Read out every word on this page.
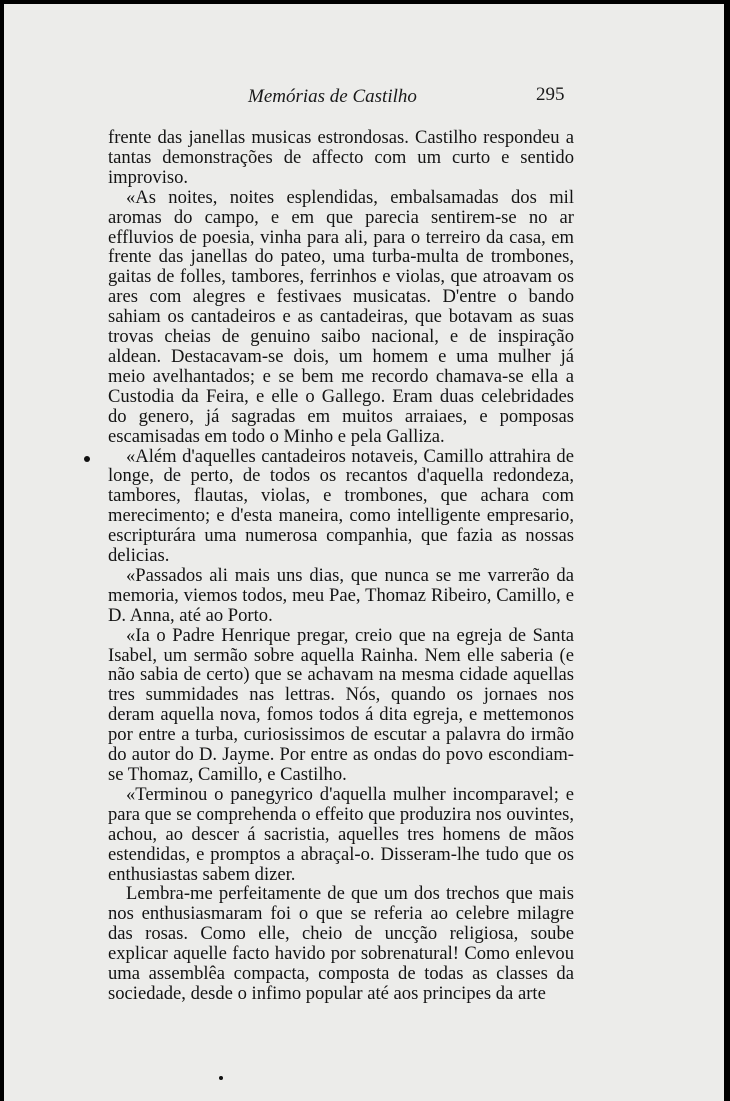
Memórias de Castilho	295

frente das janellas musicas estrondosas. Castilho respondeu a tantas demonstrações de affecto com um curto e sentido improviso.

«As noites, noites esplendidas, embalsamadas dos mil aromas do campo, e em que parecia sentirem-se no ar effluvios de poesia, vinha para ali, para o terreiro da casa, em frente das janellas do pateo, uma turba-multa de trombones, gaitas de folles, tambores, ferrinhos e violas, que atroavam os ares com alegres e festivaes musicatas. D'entre o bando sahiam os cantadeiros e as cantadeiras, que botavam as suas trovas cheias de genuino saibo nacional, e de inspiração aldean. Destacavam-se dois, um homem e uma mulher já meio avelhantados; e se bem me recordo chamava-se ella a Custodia da Feira, e elle o Gallego. Eram duas celebridades do genero, já sagradas em muitos arraiaes, e pomposas escamisadas em todo o Minho e pela Galliza.

«Além d'aquelles cantadeiros notaveis, Camillo attrahira de longe, de perto, de todos os recantos d'aquella redondeza, tambores, flautas, violas, e trombones, que achara com merecimento; e d'esta maneira, como intelligente empresario, escripturára uma numerosa companhia, que fazia as nossas delicias.

«Passados ali mais uns dias, que nunca se me varrerão da memoria, viemos todos, meu Pae, Thomaz Ribeiro, Camillo, e D. Anna, até ao Porto.

«Ia o Padre Henrique pregar, creio que na egreja de Santa Isabel, um sermão sobre aquella Rainha. Nem elle saberia (e não sabia de certo) que se achavam na mesma cidade aquellas tres summidades nas lettras. Nós, quando os jornaes nos deram aquella nova, fomos todos á dita egreja, e mettemonos por entre a turba, curiosissimos de escutar a palavra do irmão do autor do D. Jayme. Por entre as ondas do povo escondiam-se Thomaz, Camillo, e Castilho.

«Terminou o panegyrico d'aquella mulher incomparavel; e para que se comprehenda o effeito que produzira nos ouvintes, achou, ao descer á sacristia, aquelles tres homens de mãos estendidas, e promptos a abraçal-o. Disseram-lhe tudo que os enthusiastas sabem dizer.

Lembra-me perfeitamente de que um dos trechos que mais nos enthusiasmaram foi o que se referia ao celebre milagre das rosas. Como elle, cheio de uncção religiosa, soube explicar aquelle facto havido por sobrenatural! Como enlevou uma assemblêa compacta, composta de todas as classes da sociedade, desde o infimo popular até aos principes da arte
